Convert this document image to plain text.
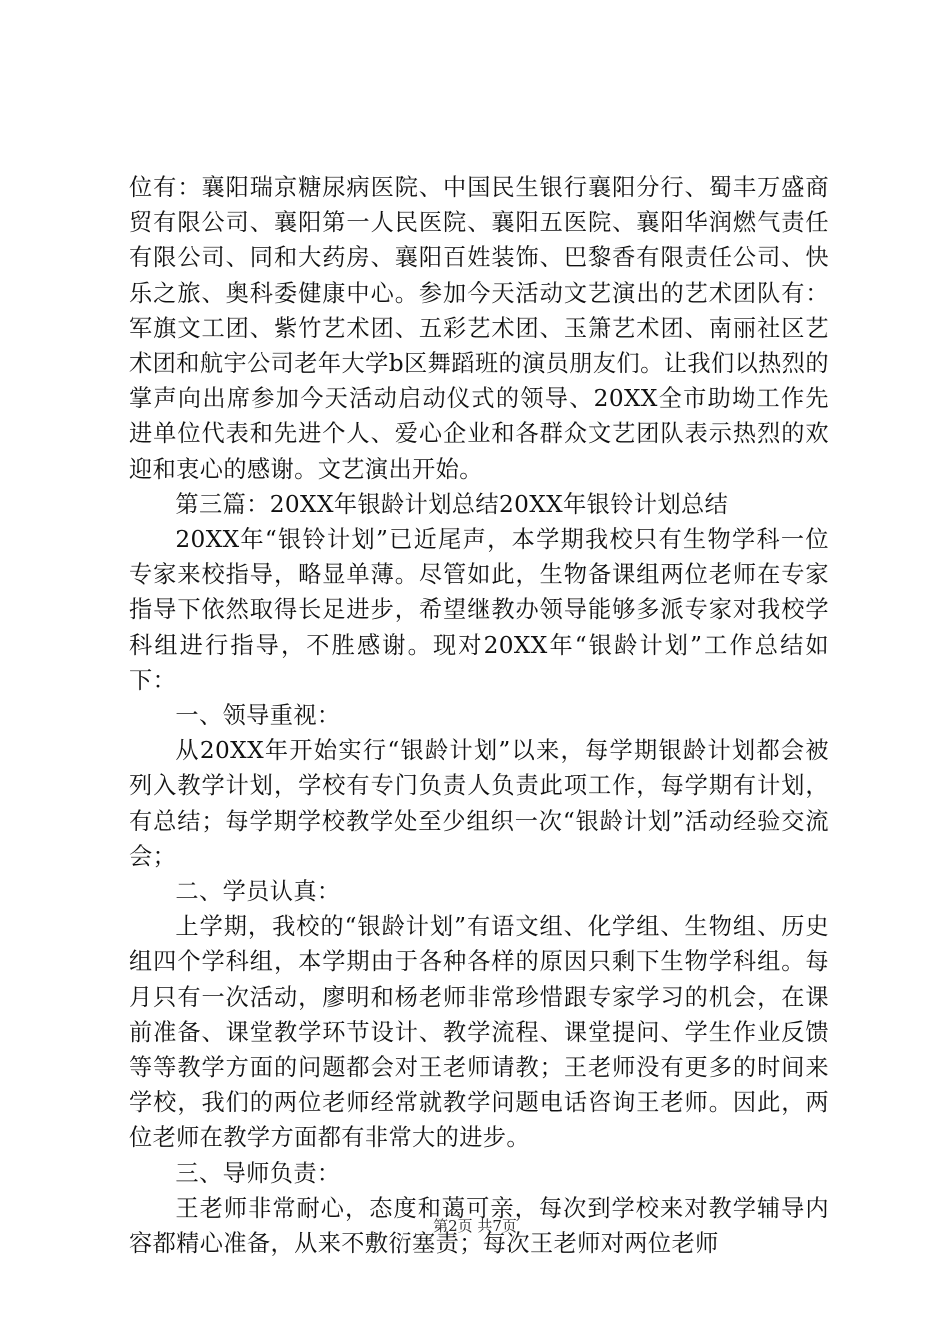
位有：襄阳瑞京糖尿病医院、中国民生银行襄阳分行、蜀丰万盛商贸有限公司、襄阳第一人民医院、襄阳五医院、襄阳华润燃气责任有限公司、同和大药房、襄阳百姓装饰、巴黎香有限责任公司、快乐之旅、奥科委健康中心。参加今天活动文艺演出的艺术团队有：军旗文工团、紫竹艺术团、五彩艺术团、玉箫艺术团、南丽社区艺术团和航宇公司老年大学b区舞蹈班的演员朋友们。让我们以热烈的掌声向出席参加今天活动启动仪式的领导、20XX全市助坳工作先进单位代表和先进个人、爱心企业和各群众文艺团队表示热烈的欢迎和衷心的感谢。文艺演出开始。

第三篇：20XX年银龄计划总结20XX年银铃计划总结

20XX年“银铃计划”已近尾声，本学期我校只有生物学科一位专家来校指导，略显单薄。尽管如此，生物备课组两位老师在专家指导下依然取得长足进步，希望继教办领导能够多派专家对我校学科组进行指导，不胜感谢。现对20XX年“银龄计划”工作总结如下：

一、领导重视：

从20XX年开始实行“银龄计划”以来，每学期银龄计划都会被列入教学计划，学校有专门负责人负责此项工作，每学期有计划，有总结；每学期学校教学处至少组织一次“银龄计划”活动经验交流会；

二、学员认真：

上学期，我校的“银龄计划”有语文组、化学组、生物组、历史组四个学科组，本学期由于各种各样的原因只剩下生物学科组。每月只有一次活动，廖明和杨老师非常珍惜跟专家学习的机会，在课前准备、课堂教学环节设计、教学流程、课堂提问、学生作业反馈等等教学方面的问题都会对王老师请教；王老师没有更多的时间来学校，我们的两位老师经常就教学问题电话咨询王老师。因此，两位老师在教学方面都有非常大的进步。

三、导师负责：

王老师非常耐心，态度和蔼可亲，每次到学校来对教学辅导内容都精心准备，从来不敷衍塞责；每次王老师对两位老师

第2页 共7页
